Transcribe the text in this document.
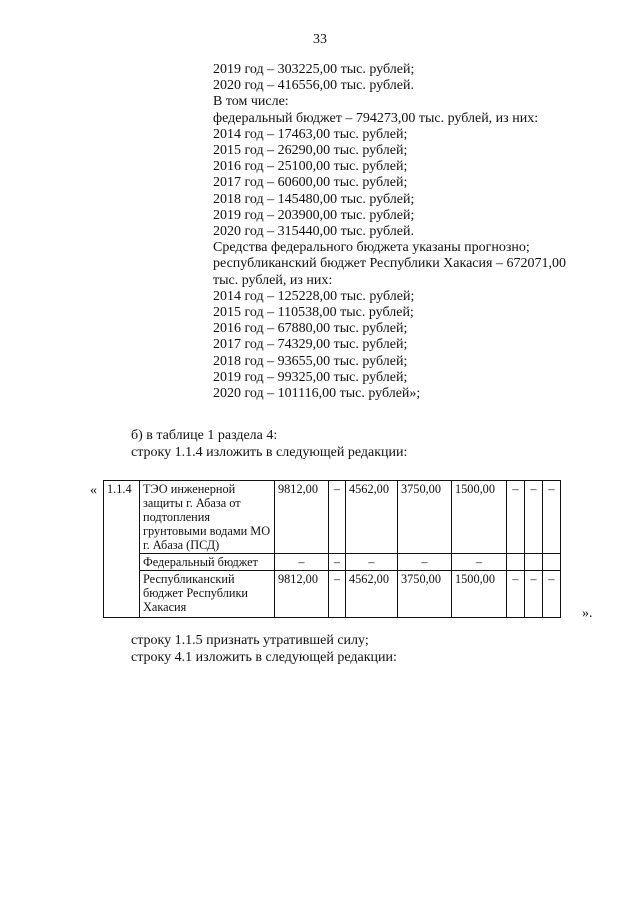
33
2019 год – 303225,00 тыс. рублей;
2020 год – 416556,00 тыс. рублей.
В том числе:
федеральный бюджет – 794273,00 тыс. рублей, из них:
2014 год – 17463,00 тыс. рублей;
2015 год – 26290,00 тыс. рублей;
2016 год – 25100,00 тыс. рублей;
2017 год – 60600,00 тыс. рублей;
2018 год – 145480,00 тыс. рублей;
2019 год – 203900,00 тыс. рублей;
2020 год – 315440,00 тыс. рублей.
Средства федерального бюджета указаны прогнозно;
республиканский бюджет Республики Хакасия – 672071,00 тыс. рублей, из них:
2014 год – 125228,00 тыс. рублей;
2015 год – 110538,00 тыс. рублей;
2016 год – 67880,00 тыс. рублей;
2017 год – 74329,00 тыс. рублей;
2018 год – 93655,00 тыс. рублей;
2019 год – 99325,00 тыс. рублей;
2020 год – 101116,00 тыс. рублей»;
б) в таблице 1 раздела 4:
строку 1.1.4 изложить в следующей редакции:
« 1.1.4	ТЭО инженерной защиты г. Абаза от подтопления грунтовыми водами МО г. Абаза (ПСД)	9812,00	–	4562,00	3750,00	1500,00	–	–	–
	Федеральный бюджет	–	–	–	–	–			
	Республиканский бюджет Республики Хакасия	9812,00	–	4562,00	3750,00	1500,00	–	–	–
».
строку 1.1.5 признать утратившей силу;
строку 4.1 изложить в следующей редакции:
